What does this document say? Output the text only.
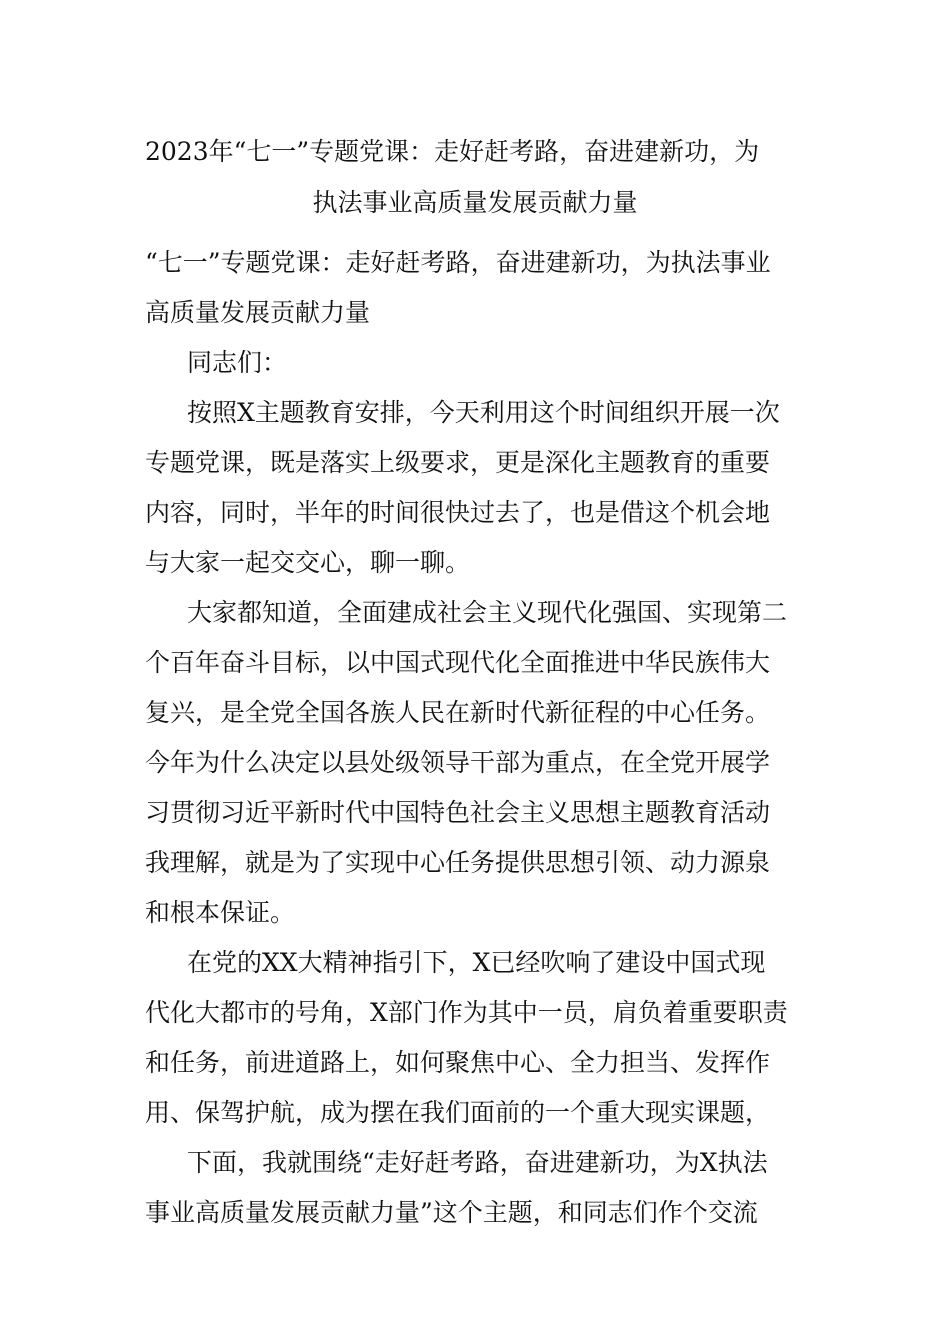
2023年“七一”专题党课：走好赶考路，奋进建新功，为
执法事业高质量发展贡献力量
“七一”专题党课：走好赶考路，奋进建新功，为执法事业
高质量发展贡献力量
同志们：
按照X主题教育安排，今天利用这个时间组织开展一次
专题党课，既是落实上级要求，更是深化主题教育的重要
内容，同时，半年的时间很快过去了，也是借这个机会地
与大家一起交交心，聊一聊。
大家都知道，全面建成社会主义现代化强国、实现第二
个百年奋斗目标，以中国式现代化全面推进中华民族伟大
复兴，是全党全国各族人民在新时代新征程的中心任务。
今年为什么决定以县处级领导干部为重点，在全党开展学
习贯彻习近平新时代中国特色社会主义思想主题教育活动
我理解，就是为了实现中心任务提供思想引领、动力源泉
和根本保证。
在党的XX大精神指引下，X已经吹响了建设中国式现
代化大都市的号角，X部门作为其中一员，肩负着重要职责
和任务，前进道路上，如何聚焦中心、全力担当、发挥作
用、保驾护航，成为摆在我们面前的一个重大现实课题，
下面，我就围绕“走好赶考路，奋进建新功，为X执法
事业高质量发展贡献力量”这个主题，和同志们作个交流
